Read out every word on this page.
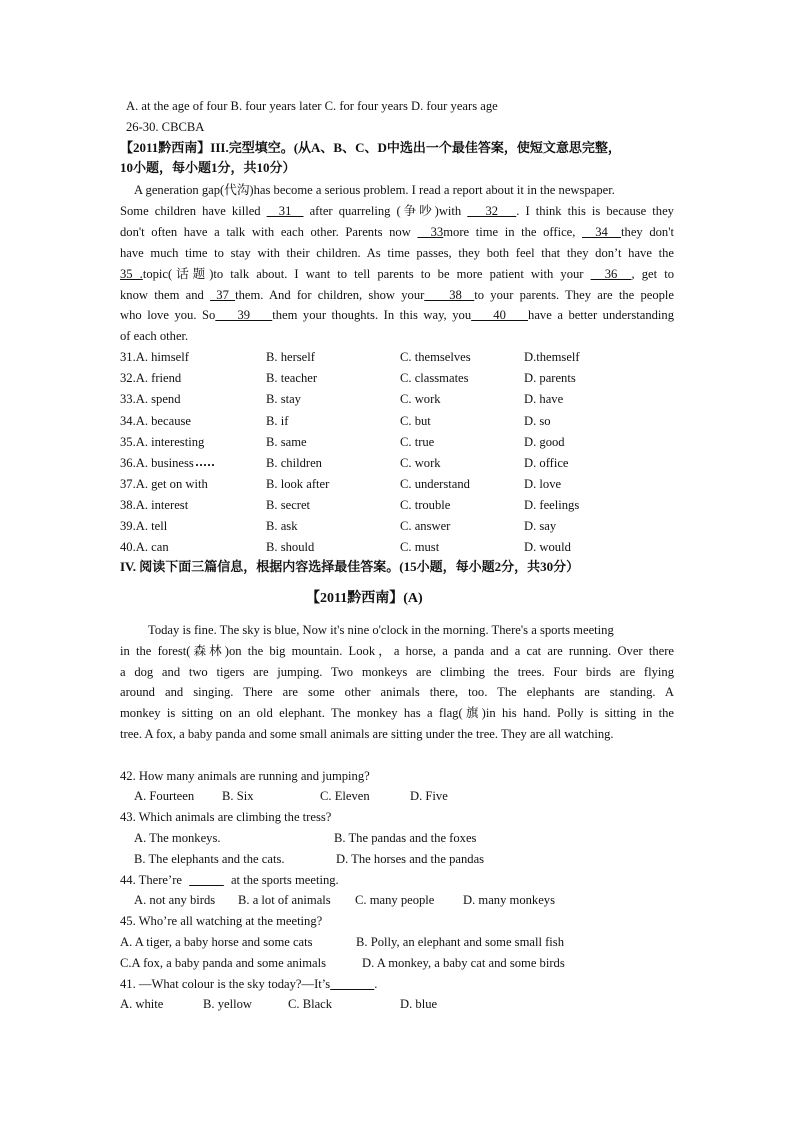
A. at the age of four B. four years later C. for four years D. four years age
26-30. CBCBA
【2011黔西南】III.完型填空。(从A、B、C、D中选出一个最佳答案，使短文意思完整，
10小题，每小题1分，共10分）
A generation gap(代沟)has become a serious problem. I read a report about it in the newspaper.
Some children have killed   31   after quarreling (争吵)with    32   . I think this is because they
don't often have a talk with each other. Parents now   33more time in the office,   34  they don't
have much time to stay with their children. As time passes, they both feel that they don’t have the
35 .topic(话题)to talk about. I want to tell parents to be more patient with your   36  , get to
know them and  37 them. And for children, show your    38  to your parents. They are the people
who love you. So    39    them your thoughts. In this way, you    40    have a better understanding
of each other.
31.A. himself	B. herself	C. themselves	D.themself
32.A. friend	B. teacher	C. classmates	D. parents
33.A. spend	B. stay	C. work	D. have
34.A. because	B. if	C. but	D. so
35.A. interesting	B. same	C. true	D. good
36.A. business	B. children	C. work	D. office
37.A. get on with	B. look after	C. understand	D. love
38.A. interest	B. secret	C. trouble	D. feelings
39.A. tell	B. ask	C. answer	D. say
40.A. can	B. should	C. must	D. would
IV. 阅读下面三篇信息，根据内容选择最佳答案。(15小题，每小题2分，共30分）
【2011黔西南】(A)
Today is fine. The sky is blue, Now it's nine o'clock in the morning. There's a sports meeting
in the forest(森林)on the big mountain. Look，a horse, a panda and a cat are running. Over there
a dog and two tigers are jumping. Two monkeys are climbing the trees. Four birds are flying
around and singing. There are some other animals there, too. The elephants are standing. A
monkey is sitting on an old elephant. The monkey has a flag(旗)in his hand. Polly is sitting in the
tree. A fox, a baby panda and some small animals are sitting under the tree. They are all watching.
42. How many animals are running and jumping?
A. Fourteen B. Six	C. Eleven	D. Five
43. Which animals are climbing the tress?
A. The monkeys.	B. The pandas and the foxes
B. The elephants and the cats.	D. The horses and the pandas
44. There’re	at the sports meeting.
A. not any birds B. a lot of animals C. many people D. many monkeys
45. Who’re all watching at the meeting?
A. A tiger, a baby horse and some cats	B. Polly, an elephant and some small fish
C.A fox, a baby panda and some animals	D. A monkey, a baby cat and some birds
41. —What colour is the sky today?—It’s	.
A. white	B. yellow	C. Black	D. blue
